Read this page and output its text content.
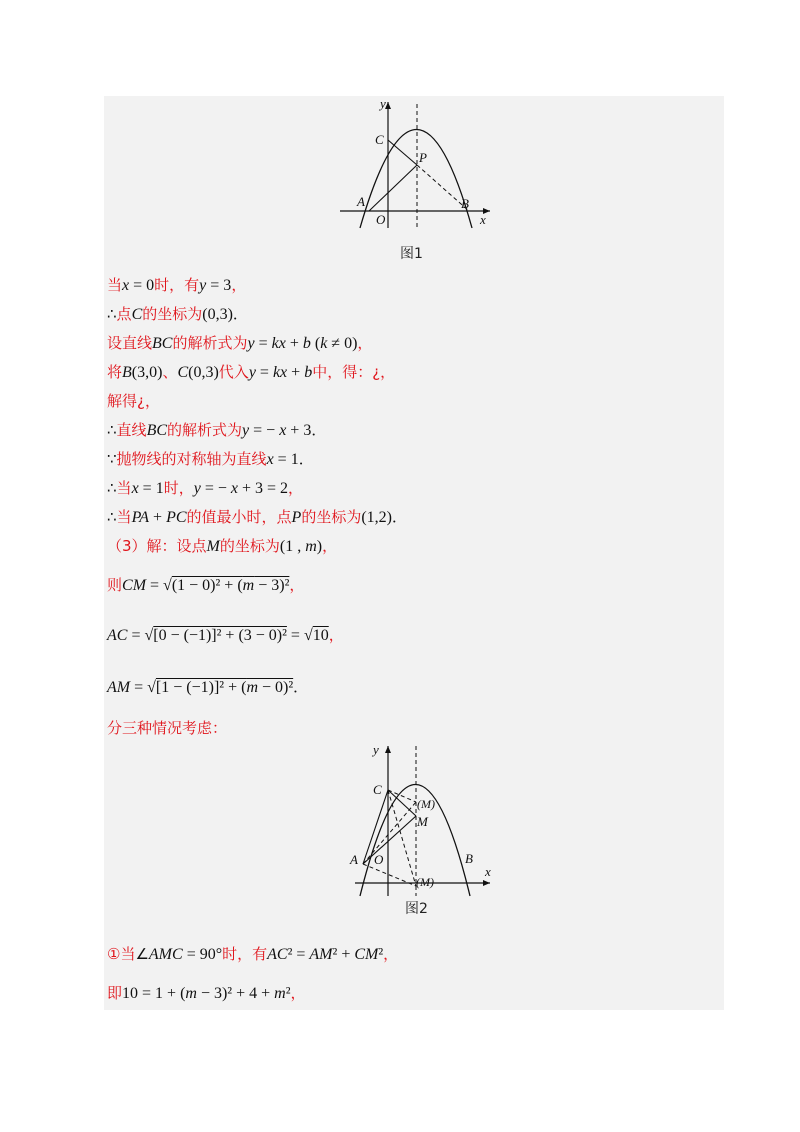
y
x
C
P
A
O
B
图1
当x = 0时，有y = 3，
∴点C的坐标为(0,3)．
设直线BC的解析式为y = kx + b (k ≠ 0)，
将B(3,0)、C(0,3)代入y = kx + b中，得：¿，
解得¿，
∴直线BC的解析式为y = − x + 3．
∵抛物线的对称轴为直线x = 1．
∴当x = 1时，y = − x + 3 = 2，
∴当PA + PC的值最小时，点P的坐标为(1,2)．
（3）解：设点M的坐标为(1 , m)，
则CM = $√(1 - 0)^2 + (\overline{m} - 3)^2$，
AC = √[0 − (−1)]² + (3 − 0)² = √10，
AM = $√[1 - (-1)]^2 + (\overline{m} - 0)^2$．
分三种情况考虑：
y
x
C
(M)
M
A O	B
(M)
图2
①当∠AMC = 90°时，有AC² = AM² + CM²，
即10 = 1 + (m − 3)² + 4 + m²，
